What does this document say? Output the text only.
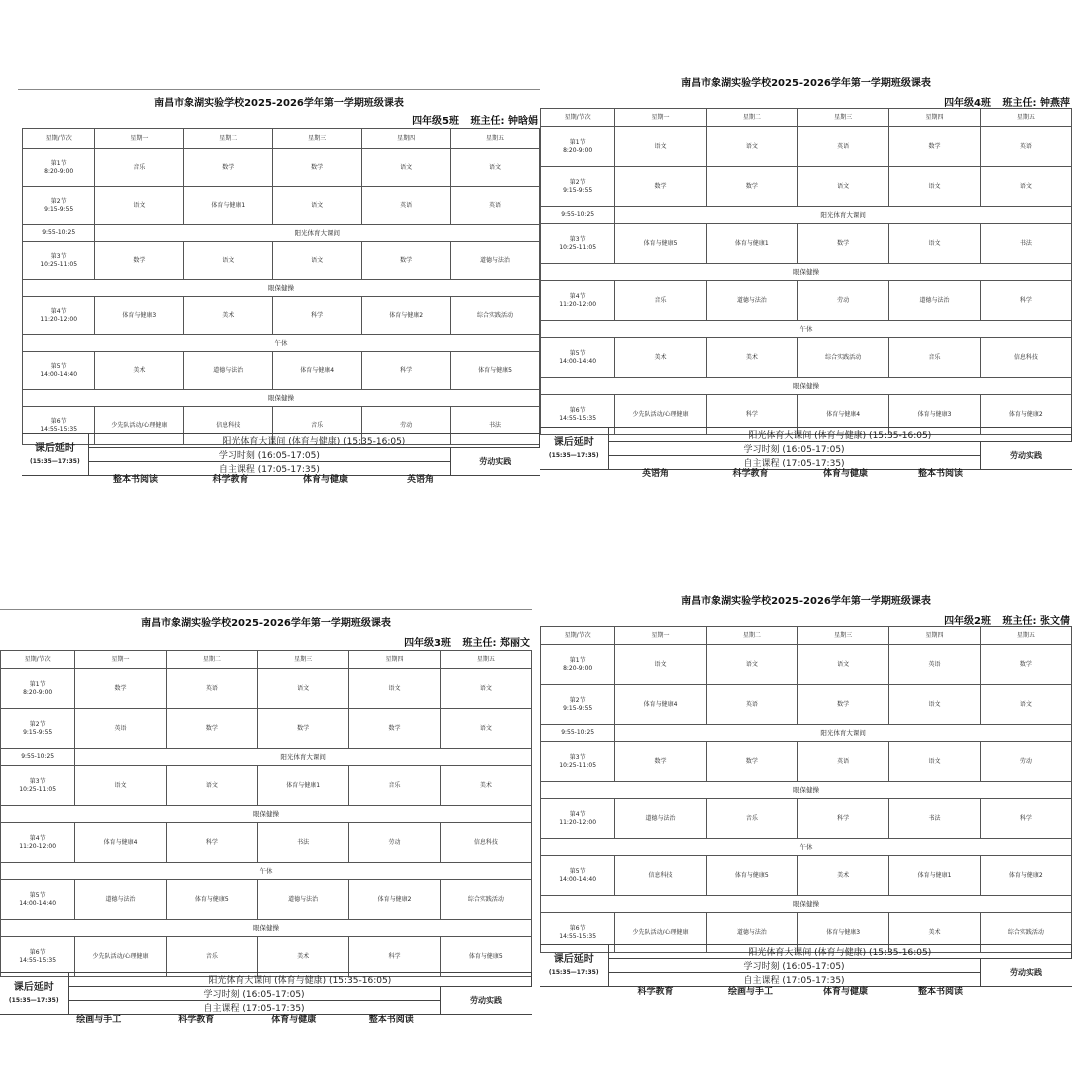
南昌市象湖实验学校2025-2026学年第一学期班级课表
四年级5班 班主任: 钟晗娟
星期/节次	星期一	星期二	星期三	星期四	星期五

第1节
8:20-9:00	音乐	数学	数学	语文	语文

第2节
9:15-9:55	语文	体育与健康1	语文	英语	英语
9:55-10:25	阳光体育大课间				

第3节
10:25-11:05	数学	语文	语文	数学	道德与法治
眼保健操					

第4节
11:20-12:00	体育与健康3	美术	科学	体育与健康2	综合实践活动
午休					

第5节
14:00-14:40	美术	道德与法治	体育与健康4	科学	体育与健康5
眼保健操					

第6节
14:55-15:35	少先队活动/心理健康	信息科技	音乐	劳动	书法
课后延时
(15:35—17:35)	阳光体育大课间 (体育与健康) (15:35-16:05)	
	学习时刻 (16:05-17:05)	劳动实践
	自主课程 (17:05-17:35)	
整本书阅读	科学教育	体育与健康	英语角
南昌市象湖实验学校2025-2026学年第一学期班级课表
四年级4班 班主任: 钟燕萍
星期/节次	星期一	星期二	星期三	星期四	星期五

第1节
8:20-9:00	语文	语文	英语	数学	英语

第2节
9:15-9:55	数学	数学	语文	语文	语文
9:55-10:25	阳光体育大课间				

第3节
10:25-11:05	体育与健康5	体育与健康1	数学	语文	书法
眼保健操					

第4节
11:20-12:00	音乐	道德与法治	劳动	道德与法治	科学
午休					

第5节
14:00-14:40	美术	美术	综合实践活动	音乐	信息科技
眼保健操					

第6节
14:55-15:35	少先队活动/心理健康	科学	体育与健康4	体育与健康3	体育与健康2
课后延时
(15:35—17:35)	阳光体育大课间 (体育与健康) (15:35-16:05)	
	学习时刻 (16:05-17:05)	劳动实践
	自主课程 (17:05-17:35)	
英语角	科学教育	体育与健康	整本书阅读
南昌市象湖实验学校2025-2026学年第一学期班级课表
四年级3班 班主任: 郑丽文
星期/节次	星期一	星期二	星期三	星期四	星期五

第1节
8:20-9:00	数学	英语	语文	语文	语文

第2节
9:15-9:55	英语	数学	数学	数学	语文
9:55-10:25	阳光体育大课间				

第3节
10:25-11:05	语文	语文	体育与健康1	音乐	美术
眼保健操					

第4节
11:20-12:00	体育与健康4	科学	书法	劳动	信息科技
午休					

第5节
14:00-14:40	道德与法治	体育与健康5	道德与法治	体育与健康2	综合实践活动
眼保健操					

第6节
14:55-15:35	少先队活动/心理健康	音乐	美术	科学	体育与健康5
课后延时
(15:35—17:35)	阳光体育大课间 (体育与健康) (15:35-16:05)	
	学习时刻 (16:05-17:05)	劳动实践
	自主课程 (17:05-17:35)	
绘画与手工	科学教育	体育与健康	整本书阅读
南昌市象湖实验学校2025-2026学年第一学期班级课表
四年级2班 班主任: 张文倩
星期/节次	星期一	星期二	星期三	星期四	星期五

第1节
8:20-9:00	语文	语文	语文	英语	数学

第2节
9:15-9:55	体育与健康4	英语	数学	语文	语文
9:55-10:25	阳光体育大课间				

第3节
10:25-11:05	数学	数学	英语	语文	劳动
眼保健操					

第4节
11:20-12:00	道德与法治	音乐	科学	书法	科学
午休					

第5节
14:00-14:40	信息科技	体育与健康5	美术	体育与健康1	体育与健康2
眼保健操					

第6节
14:55-15:35	少先队活动/心理健康	道德与法治	体育与健康3	美术	综合实践活动
课后延时
(15:35—17:35)	阳光体育大课间 (体育与健康) (15:35-16:05)	
	学习时刻 (16:05-17:05)	劳动实践
	自主课程 (17:05-17:35)	
科学教育	绘画与手工	体育与健康	整本书阅读
